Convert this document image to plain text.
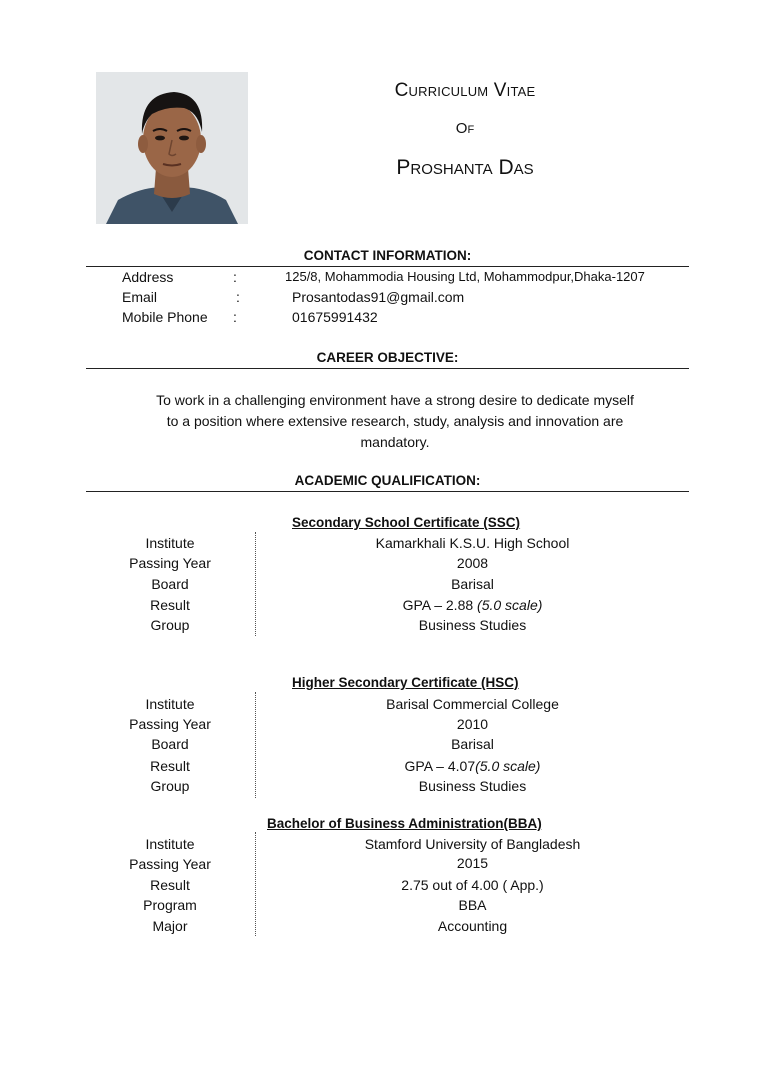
Curriculum Vitae
Of
Proshanta Das
CONTACT INFORMATION:
Address	:	125/8, Mohammodia Housing Ltd, Mohammodpur,Dhaka-1207
Email	:	Prosantodas91@gmail.com
Mobile Phone :	01675991432
CAREER OBJECTIVE:
To work in a challenging environment have a strong desire to dedicate myself to a position where extensive research, study, analysis and innovation are mandatory.
ACADEMIC QUALIFICATION:
Secondary School Certificate (SSC)
Institute	Kamarkhali K.S.U. High School
Passing Year	2008
Board	Barisal
Result	GPA – 2.88 (5.0 scale)
Group	Business Studies
Higher Secondary Certificate (HSC)
Institute	Barisal Commercial College
Passing Year	2010
Board	Barisal
Result	GPA – 4.07(5.0 scale)
Group	Business Studies
Bachelor of Business Administration(BBA)
Institute	Stamford University of Bangladesh
Passing Year	2015
Result	2.75 out of 4.00 ( App.)
Program	BBA
Major	Accounting
